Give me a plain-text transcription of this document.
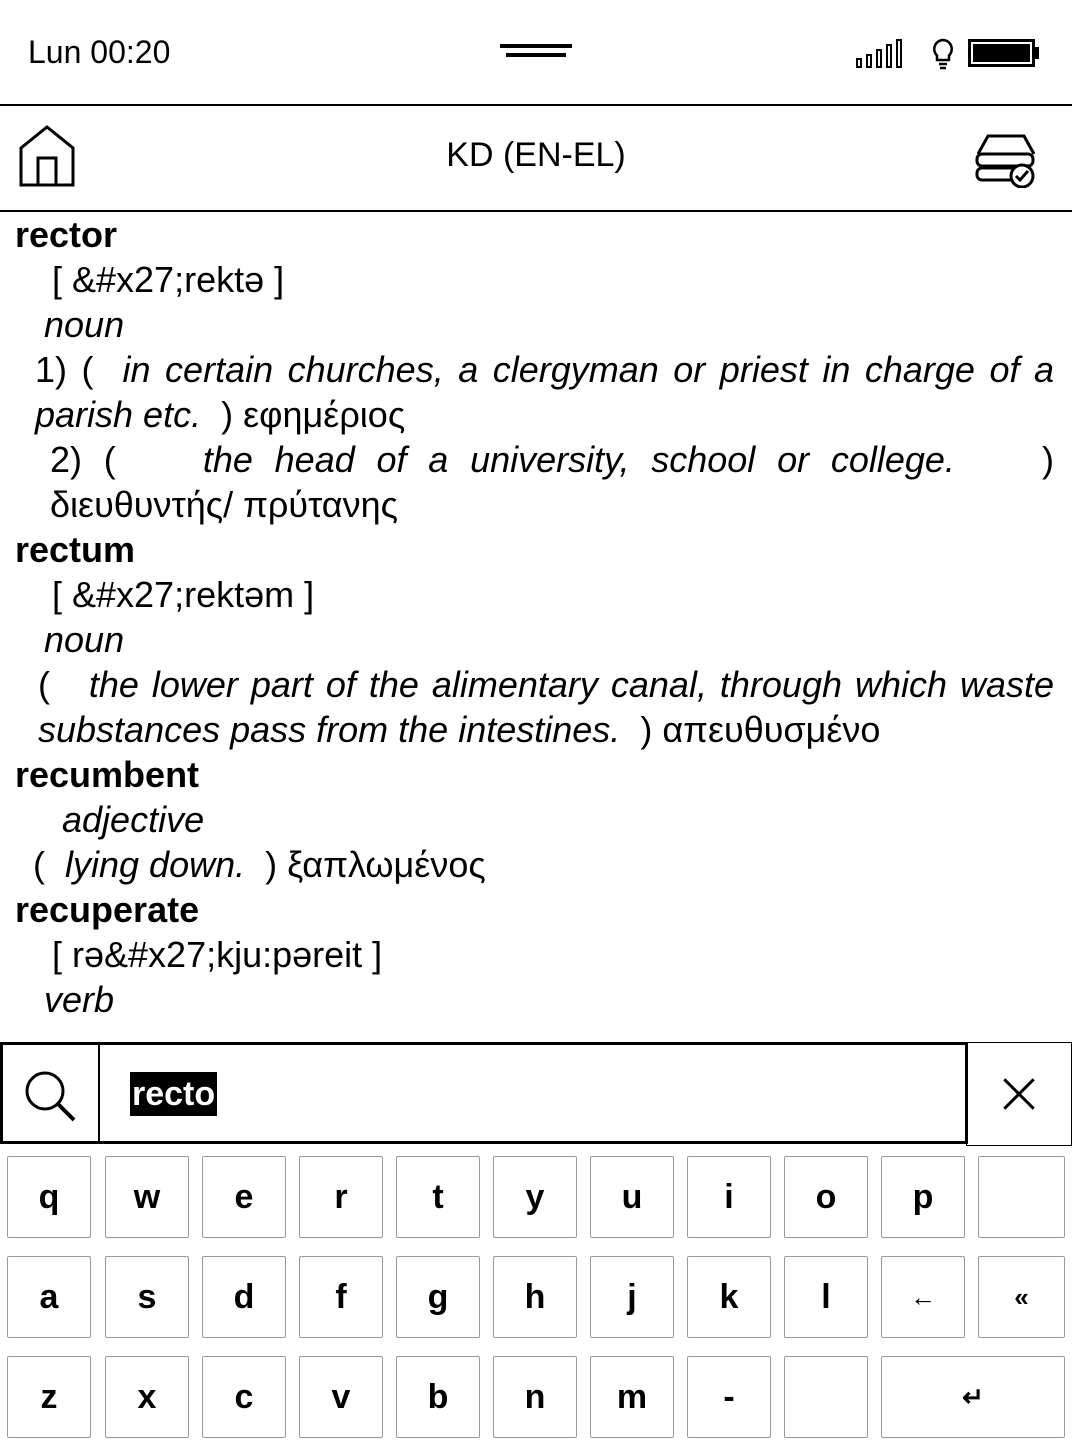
Lun 00:20
KD (EN-EL)
rector
[ &#x27;rektə ]
noun
1) ( in certain churches, a clergyman or priest in charge of a parish etc. ) εφημέριος
2) ( the head of a university, school or college. ) διευθυντής/ πρύτανης
rectum
[ &#x27;rektəm ]
noun
( the lower part of the alimentary canal, through which waste substances pass from the intestines. ) απευθυσμένο
recumbent
adjective
( lying down. ) ξαπλωμένος
recuperate
[ rə&#x27;kju:pəreit ]
verb
recto
q	w	e	r	t	y	u	i	o	p
a	s	d	f	g	h	j	k	l	←	«
z	x	c	v	b	n	m	-	↵
